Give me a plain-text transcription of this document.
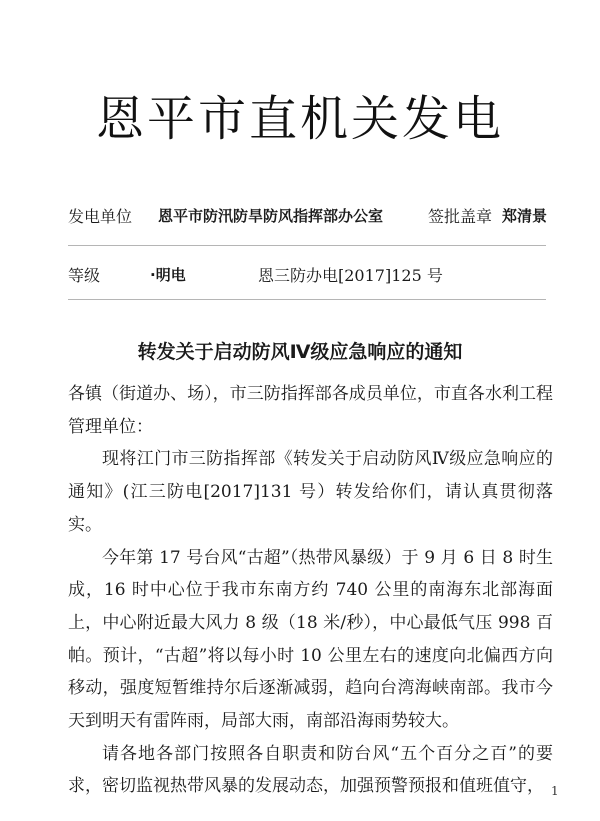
恩平市直机关发电
发电单位 恩平市防汛防旱防风指挥部办公室	签批盖章 郑清景
等级	·明电	恩三防办电[2017]125 号
转发关于启动防风Ⅳ级应急响应的通知

各镇（街道办、场），市三防指挥部各成员单位，市直各水利工程管理单位：

现将江门市三防指挥部《转发关于启动防风Ⅳ级应急响应的通知》(江三防电[2017]131 号）转发给你们，请认真贯彻落实。

今年第 17 号台风“古超”（热带风暴级）于 9 月 6 日 8 时生成，16 时中心位于我市东南方约 740 公里的南海东北部海面上，中心附近最大风力 8 级（18 米/秒），中心最低气压 998 百帕。预计，“古超”将以每小时 10 公里左右的速度向北偏西方向移动，强度短暂维持尔后逐渐减弱，趋向台湾海峡南部。我市今天到明天有雷阵雨，局部大雨，南部沿海雨势较大。

请各地各部门按照各自职责和防台风“五个百分之百”的要求，密切监视热带风暴的发展动态，加强预警预报和值班值守， 1
